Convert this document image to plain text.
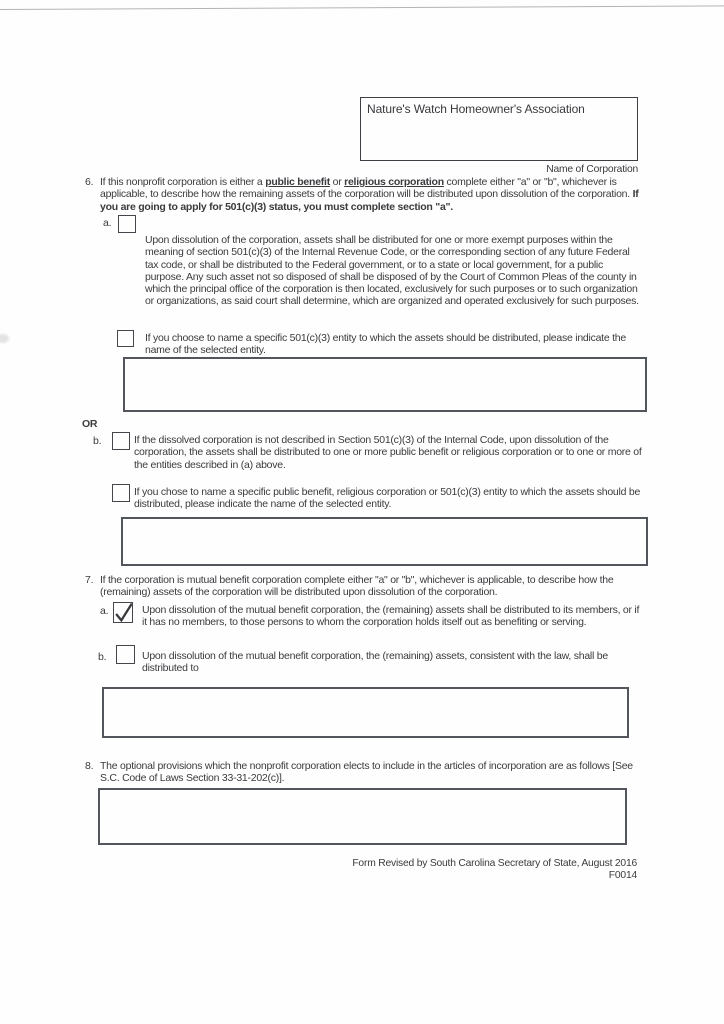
Nature's Watch Homeowner's Association
Name of Corporation
6. If this nonprofit corporation is either a public benefit or religious corporation complete either "a" or "b", whichever is applicable, to describe how the remaining assets of the corporation will be distributed upon dissolution of the corporation. If you are going to apply for 501(c)(3) status, you must complete section "a".
a.
Upon dissolution of the corporation, assets shall be distributed for one or more exempt purposes within the meaning of section 501(c)(3) of the Internal Revenue Code, or the corresponding section of any future Federal tax code, or shall be distributed to the Federal government, or to a state or local government, for a public purpose. Any such asset not so disposed of shall be disposed of by the Court of Common Pleas of the county in which the principal office of the corporation is then located, exclusively for such purposes or to such organization or organizations, as said court shall determine, which are organized and operated exclusively for such purposes.
If you choose to name a specific 501(c)(3) entity to which the assets should be distributed, please indicate the name of the selected entity.
OR
b.	If the dissolved corporation is not described in Section 501(c)(3) of the Internal Code, upon dissolution of the corporation, the assets shall be distributed to one or more public benefit or religious corporation or to one or more of the entities described in (a) above.
If you chose to name a specific public benefit, religious corporation or 501(c)(3) entity to which the assets should be distributed, please indicate the name of the selected entity.
7. If the corporation is mutual benefit corporation complete either "a" or "b", whichever is applicable, to describe how the (remaining) assets of the corporation will be distributed upon dissolution of the corporation.
a.	Upon dissolution of the mutual benefit corporation, the (remaining) assets shall be distributed to its members, or if it has no members, to those persons to whom the corporation holds itself out as benefiting or serving.
b.	Upon dissolution of the mutual benefit corporation, the (remaining) assets, consistent with the law, shall be distributed to
8. The optional provisions which the nonprofit corporation elects to include in the articles of incorporation are as follows [See S.C. Code of Laws Section 33-31-202(c)].
Form Revised by South Carolina Secretary of State, August 2016
F0014
